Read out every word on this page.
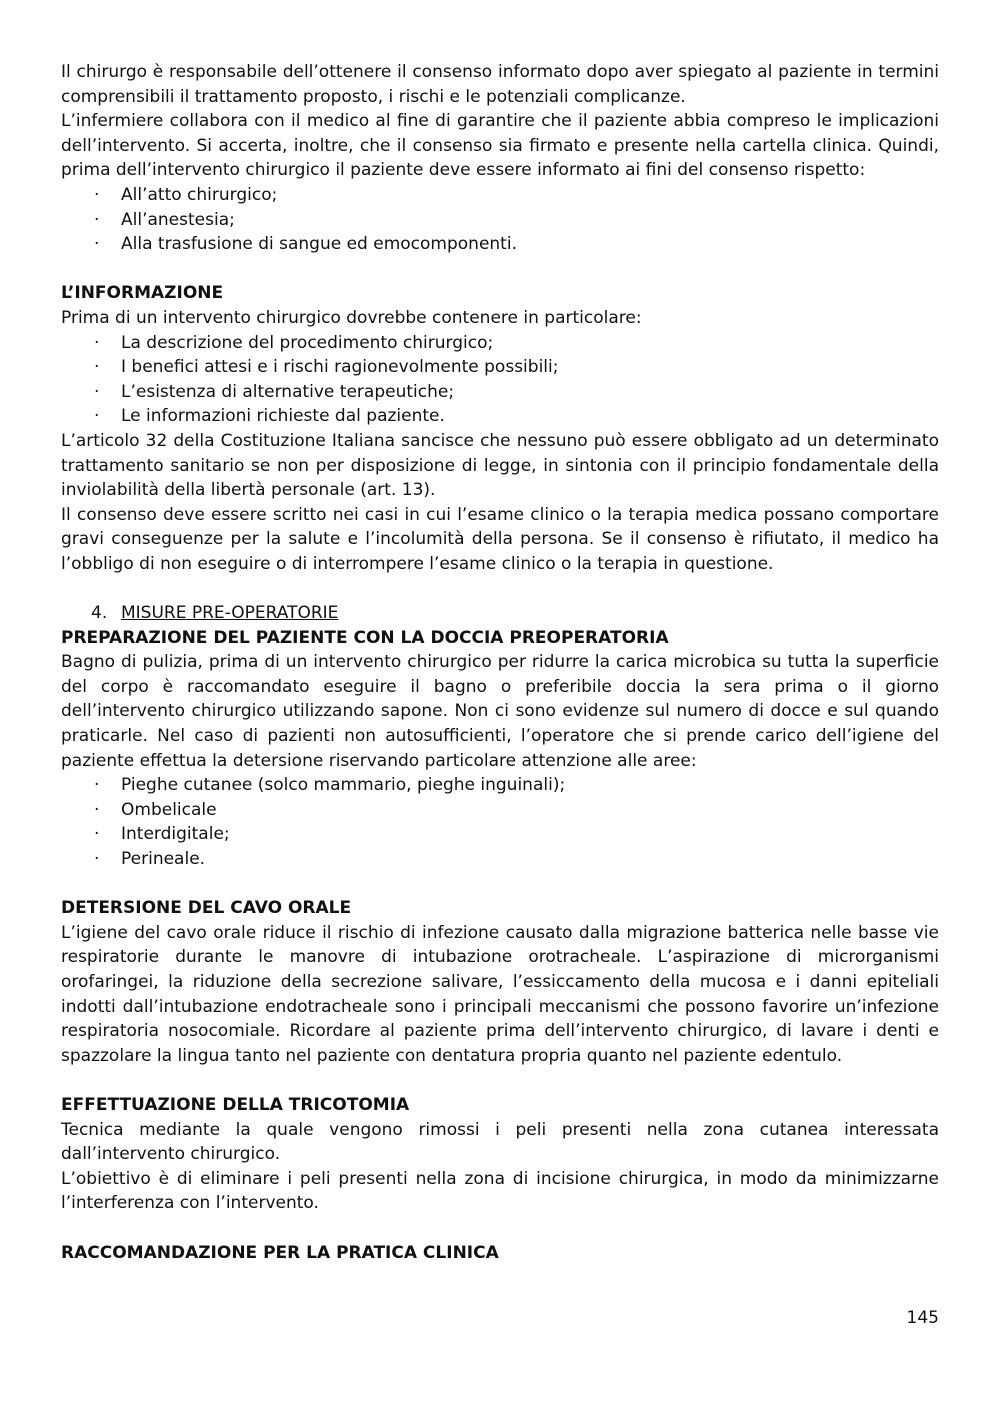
Il chirurgo è responsabile dell’ottenere il consenso informato dopo aver spiegato al paziente in termini comprensibili il trattamento proposto, i rischi e le potenziali complicanze.

L’infermiere collabora con il medico al fine di garantire che il paziente abbia compreso le implicazioni dell’intervento. Si accerta, inoltre, che il consenso sia firmato e presente nella cartella clinica. Quindi, prima dell’intervento chirurgico il paziente deve essere informato ai fini del consenso rispetto:

· All’atto chirurgico;
· All’anestesia;
· Alla trasfusione di sangue ed emocomponenti.

L’INFORMAZIONE

Prima di un intervento chirurgico dovrebbe contenere in particolare:

· La descrizione del procedimento chirurgico;
· I benefici attesi e i rischi ragionevolmente possibili;
· L’esistenza di alternative terapeutiche;
· Le informazioni richieste dal paziente.

L’articolo 32 della Costituzione Italiana sancisce che nessuno può essere obbligato ad un determinato trattamento sanitario se non per disposizione di legge, in sintonia con il principio fondamentale della inviolabilità della libertà personale (art. 13).

Il consenso deve essere scritto nei casi in cui l’esame clinico o la terapia medica possano comportare gravi conseguenze per la salute e l’incolumità della persona. Se il consenso è rifiutato, il medico ha l’obbligo di non eseguire o di interrompere l’esame clinico o la terapia in questione.

4. MISURE PRE-OPERATORIE

PREPARAZIONE DEL PAZIENTE CON LA DOCCIA PREOPERATORIA

Bagno di pulizia, prima di un intervento chirurgico per ridurre la carica microbica su tutta la superficie del corpo è raccomandato eseguire il bagno o preferibile doccia la sera prima o il giorno dell’intervento chirurgico utilizzando sapone. Non ci sono evidenze sul numero di docce e sul quando praticarle. Nel caso di pazienti non autosufficienti, l’operatore che si prende carico dell’igiene del paziente effettua la detersione riservando particolare attenzione alle aree:

· Pieghe cutanee (solco mammario, pieghe inguinali);
· Ombelicale
· Interdigitale;
· Perineale.

DETERSIONE DEL CAVO ORALE

L’igiene del cavo orale riduce il rischio di infezione causato dalla migrazione batterica nelle basse vie respiratorie durante le manovre di intubazione orotracheale. L’aspirazione di microrganismi orofaringei, la riduzione della secrezione salivare, l’essiccamento della mucosa e i danni epiteliali indotti dall’intubazione endotracheale sono i principali meccanismi che possono favorire un’infezione respiratoria nosocomiale. Ricordare al paziente prima dell’intervento chirurgico, di lavare i denti e spazzolare la lingua tanto nel paziente con dentatura propria quanto nel paziente edentulo.

EFFETTUAZIONE DELLA TRICOTOMIA

Tecnica mediante la quale vengono rimossi i peli presenti nella zona cutanea interessata dall’intervento chirurgico.

L’obiettivo è di eliminare i peli presenti nella zona di incisione chirurgica, in modo da minimizzarne l’interferenza con l’intervento.

RACCOMANDAZIONE PER LA PRATICA CLINICA

145
